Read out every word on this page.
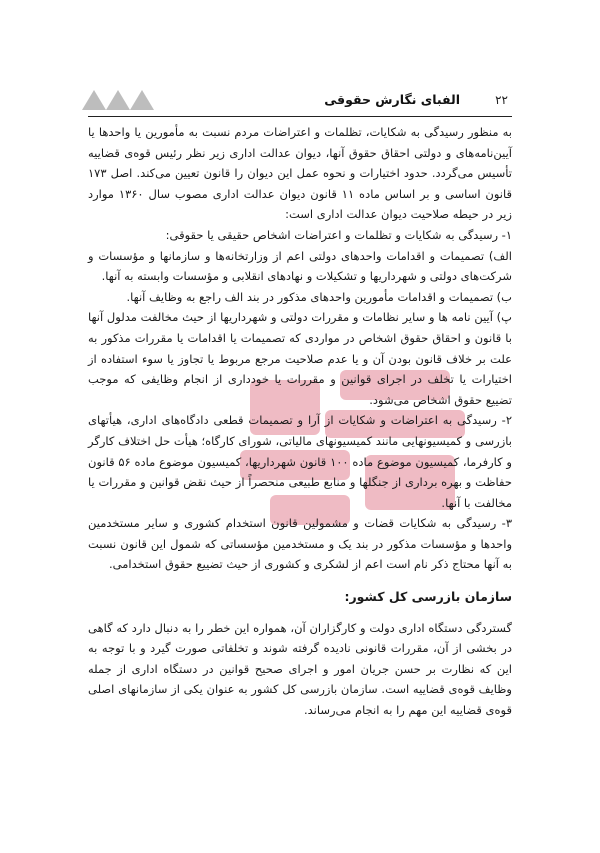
الفبای نگارش حقوقی	۲۲

به منظور رسیدگی به شکایات، تظلمات و اعتراضات مردم نسبت به مأمورین یا واحدها یا آیین‌نامه‌های و دولتی احقاق حقوق آنها، دیوان عدالت اداری زیر نظر رئیس قوه‌ی قضاییه تأسیس می‌گردد. حدود اختیارات و نحوه عمل این دیوان را قانون تعیین می‌کند. اصل ۱۷۳ قانون اساسی و بر اساس ماده ۱۱ قانون دیوان عدالت اداری مصوب سال ۱۳۶۰ موارد زیر در حیطه صلاحیت دیوان عدالت اداری است:

۱- رسیدگی به شکایات و تظلمات و اعتراضات اشخاص حقیقی یا حقوقی:

الف) تصمیمات و اقدامات واحدهای دولتی اعم از وزارتخانه‌ها و سازمانها و مؤسسات و شرکت‌های دولتی و شهرداریها و تشکیلات و نهادهای انقلابی و مؤسسات وابسته به آنها.

ب) تصمیمات و اقدامات مأمورین واحدهای مذکور در بند الف راجع به وظایف آنها.

پ) آیین نامه ها و سایر نظامات و مقررات دولتی و شهرداریها از حیث مخالفت مدلول آنها با قانون و احقاق حقوق اشخاص در مواردی که تصمیمات یا اقدامات یا مقررات مذکور به علت بر خلاف قانون بودن آن و یا عدم صلاحیت مرجع مربوط یا تجاوز یا سوء استفاده از اختیارات یا تخلف در اجرای قوانین و مقررات یا خودداری از انجام وظایفی که موجب تضییع حقوق اشخاص می‌شود.

۲- رسیدگی به اعتراضات و شکایات از آرا و تصمیمات قطعی دادگاه‌های اداری، هیأتهای بازرسی و کمیسیونهایی مانند کمیسیونهای مالیاتی، شورای کارگاه؛ هیأت حل اختلاف کارگر و کارفرما، کمیسیون موضوع ماده ۱۰۰ قانون شهرداریها، کمیسیون موضوع ماده ۵۶ قانون حفاظت و بهره برداری از جنگلها و منابع طبیعی منحصراً از حیث نقض قوانین و مقررات یا مخالفت با آنها.

۳- رسیدگی به شکایات قضات و مشمولین قانون استخدام کشوری و سایر مستخدمین واحدها و مؤسسات مذکور در بند یک و مستخدمین مؤسساتی که شمول این قانون نسبت به آنها محتاج ذکر نام است اعم از لشکری و کشوری از حیث تضییع حقوق استخدامی.

سازمان بازرسی کل کشور:

گستردگی دستگاه اداری دولت و کارگزاران آن، همواره این خطر را به دنبال دارد که گاهی در بخشی از آن، مقررات قانونی نادیده گرفته شوند و تخلفاتی صورت گیرد و با توجه به این که نظارت بر حسن جریان امور و اجرای صحیح قوانین در دستگاه اداری از جمله وظایف قوه‌ی قضاییه است. سازمان بازرسی کل کشور به عنوان یکی از سازمانهای اصلی قوه‌ی قضاییه این مهم را به انجام می‌رساند.
